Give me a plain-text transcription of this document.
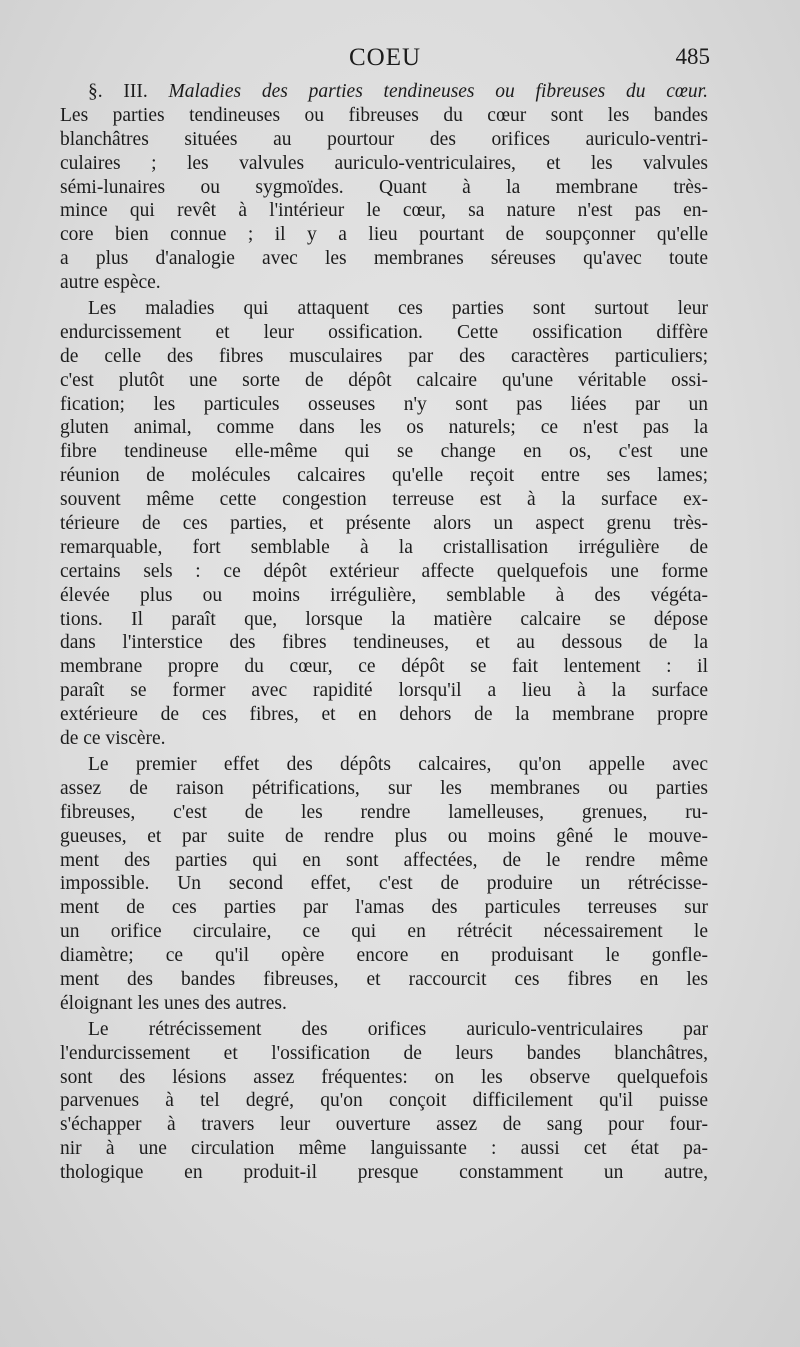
COEU	485
§. III. Maladies des parties tendineuses ou fibreuses du cœur.
Les parties tendineuses ou fibreuses du cœur sont les bandes
blanchâtres situées au pourtour des orifices auriculo-ventri-
culaires ; les valvules auriculo-ventriculaires, et les valvules
sémi-lunaires ou sygmoïdes. Quant à la membrane très-
mince qui revêt à l'intérieur le cœur, sa nature n'est pas en-
core bien connue ; il y a lieu pourtant de soupçonner qu'elle
a plus d'analogie avec les membranes séreuses qu'avec toute
autre espèce.
Les maladies qui attaquent ces parties sont surtout leur
endurcissement et leur ossification. Cette ossification diffère
de celle des fibres musculaires par des caractères particuliers;
c'est plutôt une sorte de dépôt calcaire qu'une véritable ossi-
fication; les particules osseuses n'y sont pas liées par un
gluten animal, comme dans les os naturels; ce n'est pas la
fibre tendineuse elle-même qui se change en os, c'est une
réunion de molécules calcaires qu'elle reçoit entre ses lames;
souvent même cette congestion terreuse est à la surface ex-
térieure de ces parties, et présente alors un aspect grenu très-
remarquable, fort semblable à la cristallisation irrégulière de
certains sels : ce dépôt extérieur affecte quelquefois une forme
élevée plus ou moins irrégulière, semblable à des végéta-
tions. Il paraît que, lorsque la matière calcaire se dépose
dans l'interstice des fibres tendineuses, et au dessous de la
membrane propre du cœur, ce dépôt se fait lentement : il
paraît se former avec rapidité lorsqu'il a lieu à la surface
extérieure de ces fibres, et en dehors de la membrane propre
de ce viscère.
Le premier effet des dépôts calcaires, qu'on appelle avec
assez de raison pétrifications, sur les membranes ou parties
fibreuses, c'est de les rendre lamelleuses, grenues, ru-
gueuses, et par suite de rendre plus ou moins gêné le mouve-
ment des parties qui en sont affectées, de le rendre même
impossible. Un second effet, c'est de produire un rétrécisse-
ment de ces parties par l'amas des particules terreuses sur
un orifice circulaire, ce qui en rétrécit nécessairement le
diamètre; ce qu'il opère encore en produisant le gonfle-
ment des bandes fibreuses, et raccourcit ces fibres en les
éloignant les unes des autres.
Le rétrécissement des orifices auriculo-ventriculaires par
l'endurcissement et l'ossification de leurs bandes blanchâtres,
sont des lésions assez fréquentes: on les observe quelquefois
parvenues à tel degré, qu'on conçoit difficilement qu'il puisse
s'échapper à travers leur ouverture assez de sang pour four-
nir à une circulation même languissante : aussi cet état pa-
thologique en produit-il presque constamment un autre,
